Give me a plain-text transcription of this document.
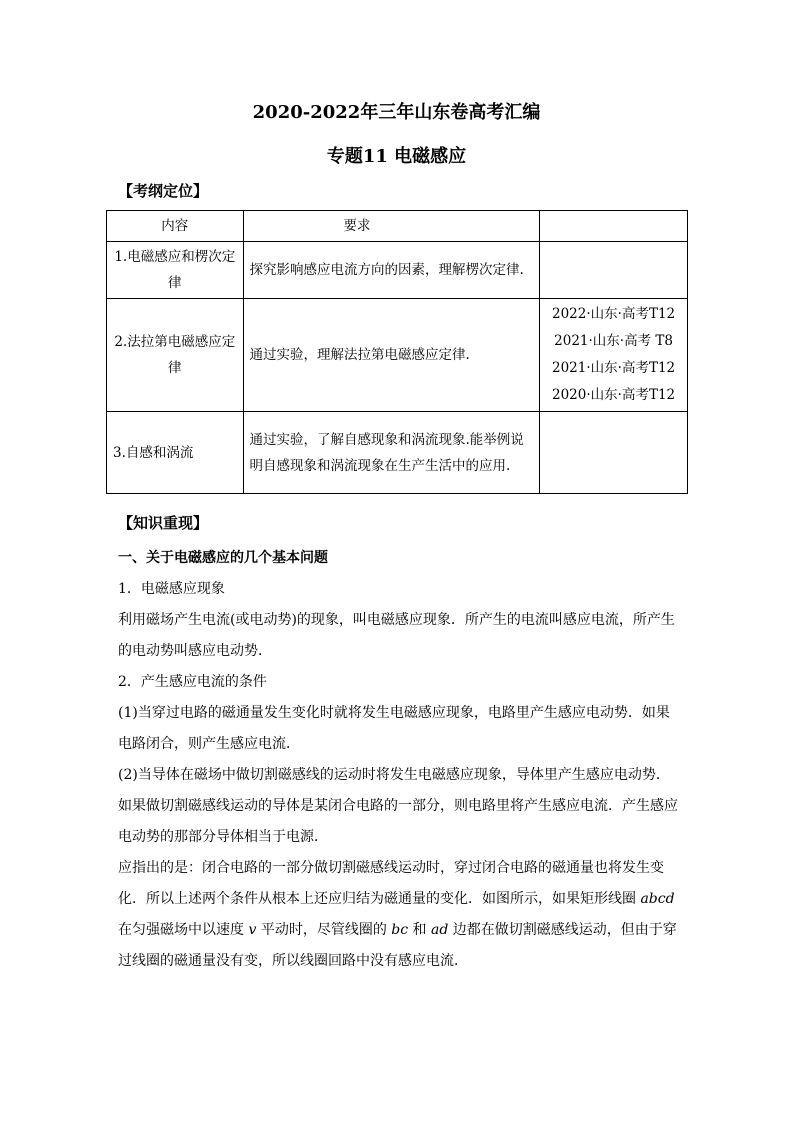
2020-2022年三年山东卷高考汇编
专题11 电磁感应
【考纲定位】
内容	要求	
1.电磁感应和楞次定律	探究影响感应电流方向的因素，理解楞次定律.	
2.法拉第电磁感应定律	通过实验，理解法拉第电磁感应定律.	2022·山东·高考T12
2021·山东·高考 T8
2021·山东·高考T12
2020·山东·高考T12

3.自感和涡流	通过实验，了解自感现象和涡流现象.能举例说明自感现象和涡流现象在生产生活中的应用.	
【知识重现】

一、关于电磁感应的几个基本问题

1．电磁感应现象

利用磁场产生电流(或电动势)的现象，叫电磁感应现象．所产生的电流叫感应电流，所产生的电动势叫感应电动势．

2．产生感应电流的条件

(1)当穿过电路的磁通量发生变化时就将发生电磁感应现象，电路里产生感应电动势．如果电路闭合，则产生感应电流．

(2)当导体在磁场中做切割磁感线的运动时将发生电磁感应现象，导体里产生感应电动势．如果做切割磁感线运动的导体是某闭合电路的一部分，则电路里将产生感应电流．产生感应电动势的那部分导体相当于电源．

应指出的是：闭合电路的一部分做切割磁感线运动时，穿过闭合电路的磁通量也将发生变化．所以上述两个条件从根本上还应归结为磁通量的变化．如图所示，如果矩形线圈 abcd 在匀强磁场中以速度 v 平动时，尽管线圈的 bc 和 ad 边都在做切割磁感线运动，但由于穿过线圈的磁通量没有变，所以线圈回路中没有感应电流．
